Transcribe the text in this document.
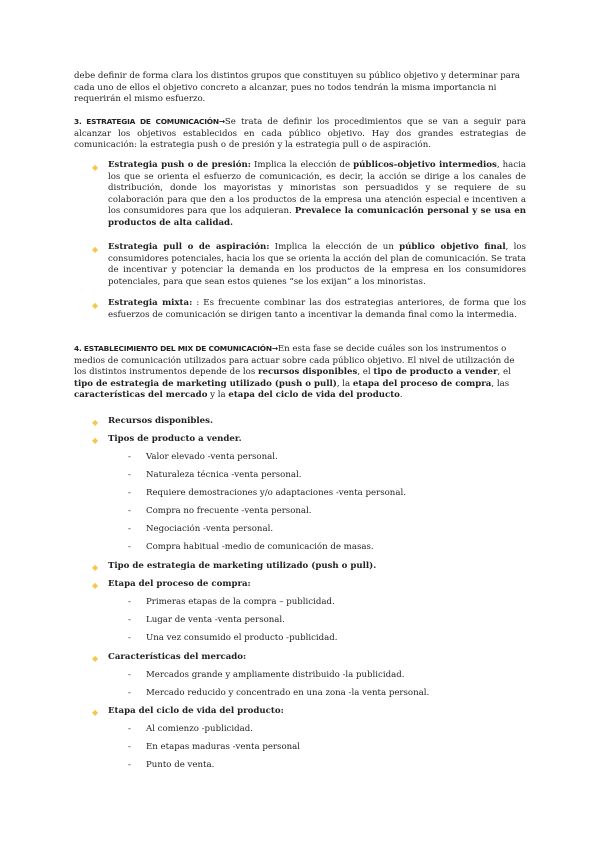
debe definir de forma clara los distintos grupos que constituyen su público objetivo y determinar para cada uno de ellos el objetivo concreto a alcanzar, pues no todos tendrán la misma importancia ni requerirán el mismo esfuerzo.

3. ESTRATEGIA DE COMUNICACIÓN→Se trata de definir los procedimientos que se van a seguir para alcanzar los objetivos establecidos en cada público objetivo. Hay dos grandes estrategias de comunicación: la estrategia push o de presión y la estrategia pull o de aspiración.

◆ Estrategia push o de presión: Implica la elección de públicos-objetivo intermedios, hacia los que se orienta el esfuerzo de comunicación, es decir, la acción se dirige a los canales de distribución, donde los mayoristas y minoristas son persuadidos y se requiere de su colaboración para que den a los productos de la empresa una atención especial e incentiven a los consumidores para que los adquieran. Prevalece la comunicación personal y se usa en productos de alta calidad.
◆ Estrategia pull o de aspiración: Implica la elección de un público objetivo final, los consumidores potenciales, hacia los que se orienta la acción del plan de comunicación. Se trata de incentivar y potenciar la demanda en los productos de la empresa en los consumidores potenciales, para que sean estos quienes “se los exijan” a los minoristas.
◆ Estrategia mixta: : Es frecuente combinar las dos estrategias anteriores, de forma que los esfuerzos de comunicación se dirigen tanto a incentivar la demanda final como la intermedia.

4. ESTABLECIMIENTO DEL MIX DE COMUNICACIÓN→En esta fase se decide cuáles son los instrumentos o medios de comunicación utilizados para actuar sobre cada público objetivo. El nivel de utilización de los distintos instrumentos depende de los recursos disponibles, el tipo de producto a vender, el tipo de estrategia de marketing utilizado (push o pull), la etapa del proceso de compra, las características del mercado y la etapa del ciclo de vida del producto.

◆ Recursos disponibles.
◆ Tipos de producto a vender.
- Valor elevado -venta personal.
- Naturaleza técnica -venta personal.
- Requiere demostraciones y/o adaptaciones -venta personal.
- Compra no frecuente -venta personal.
- Negociación -venta personal.
- Compra habitual -medio de comunicación de masas.
◆ Tipo de estrategia de marketing utilizado (push o pull).
◆ Etapa del proceso de compra:
- Primeras etapas de la compra – publicidad.
- Lugar de venta -venta personal.
- Una vez consumido el producto -publicidad.
◆ Características del mercado:
- Mercados grande y ampliamente distribuido -la publicidad.
- Mercado reducido y concentrado en una zona -la venta personal.
◆ Etapa del ciclo de vida del producto:
- Al comienzo -publicidad.
- En etapas maduras -venta personal
- Punto de venta.
